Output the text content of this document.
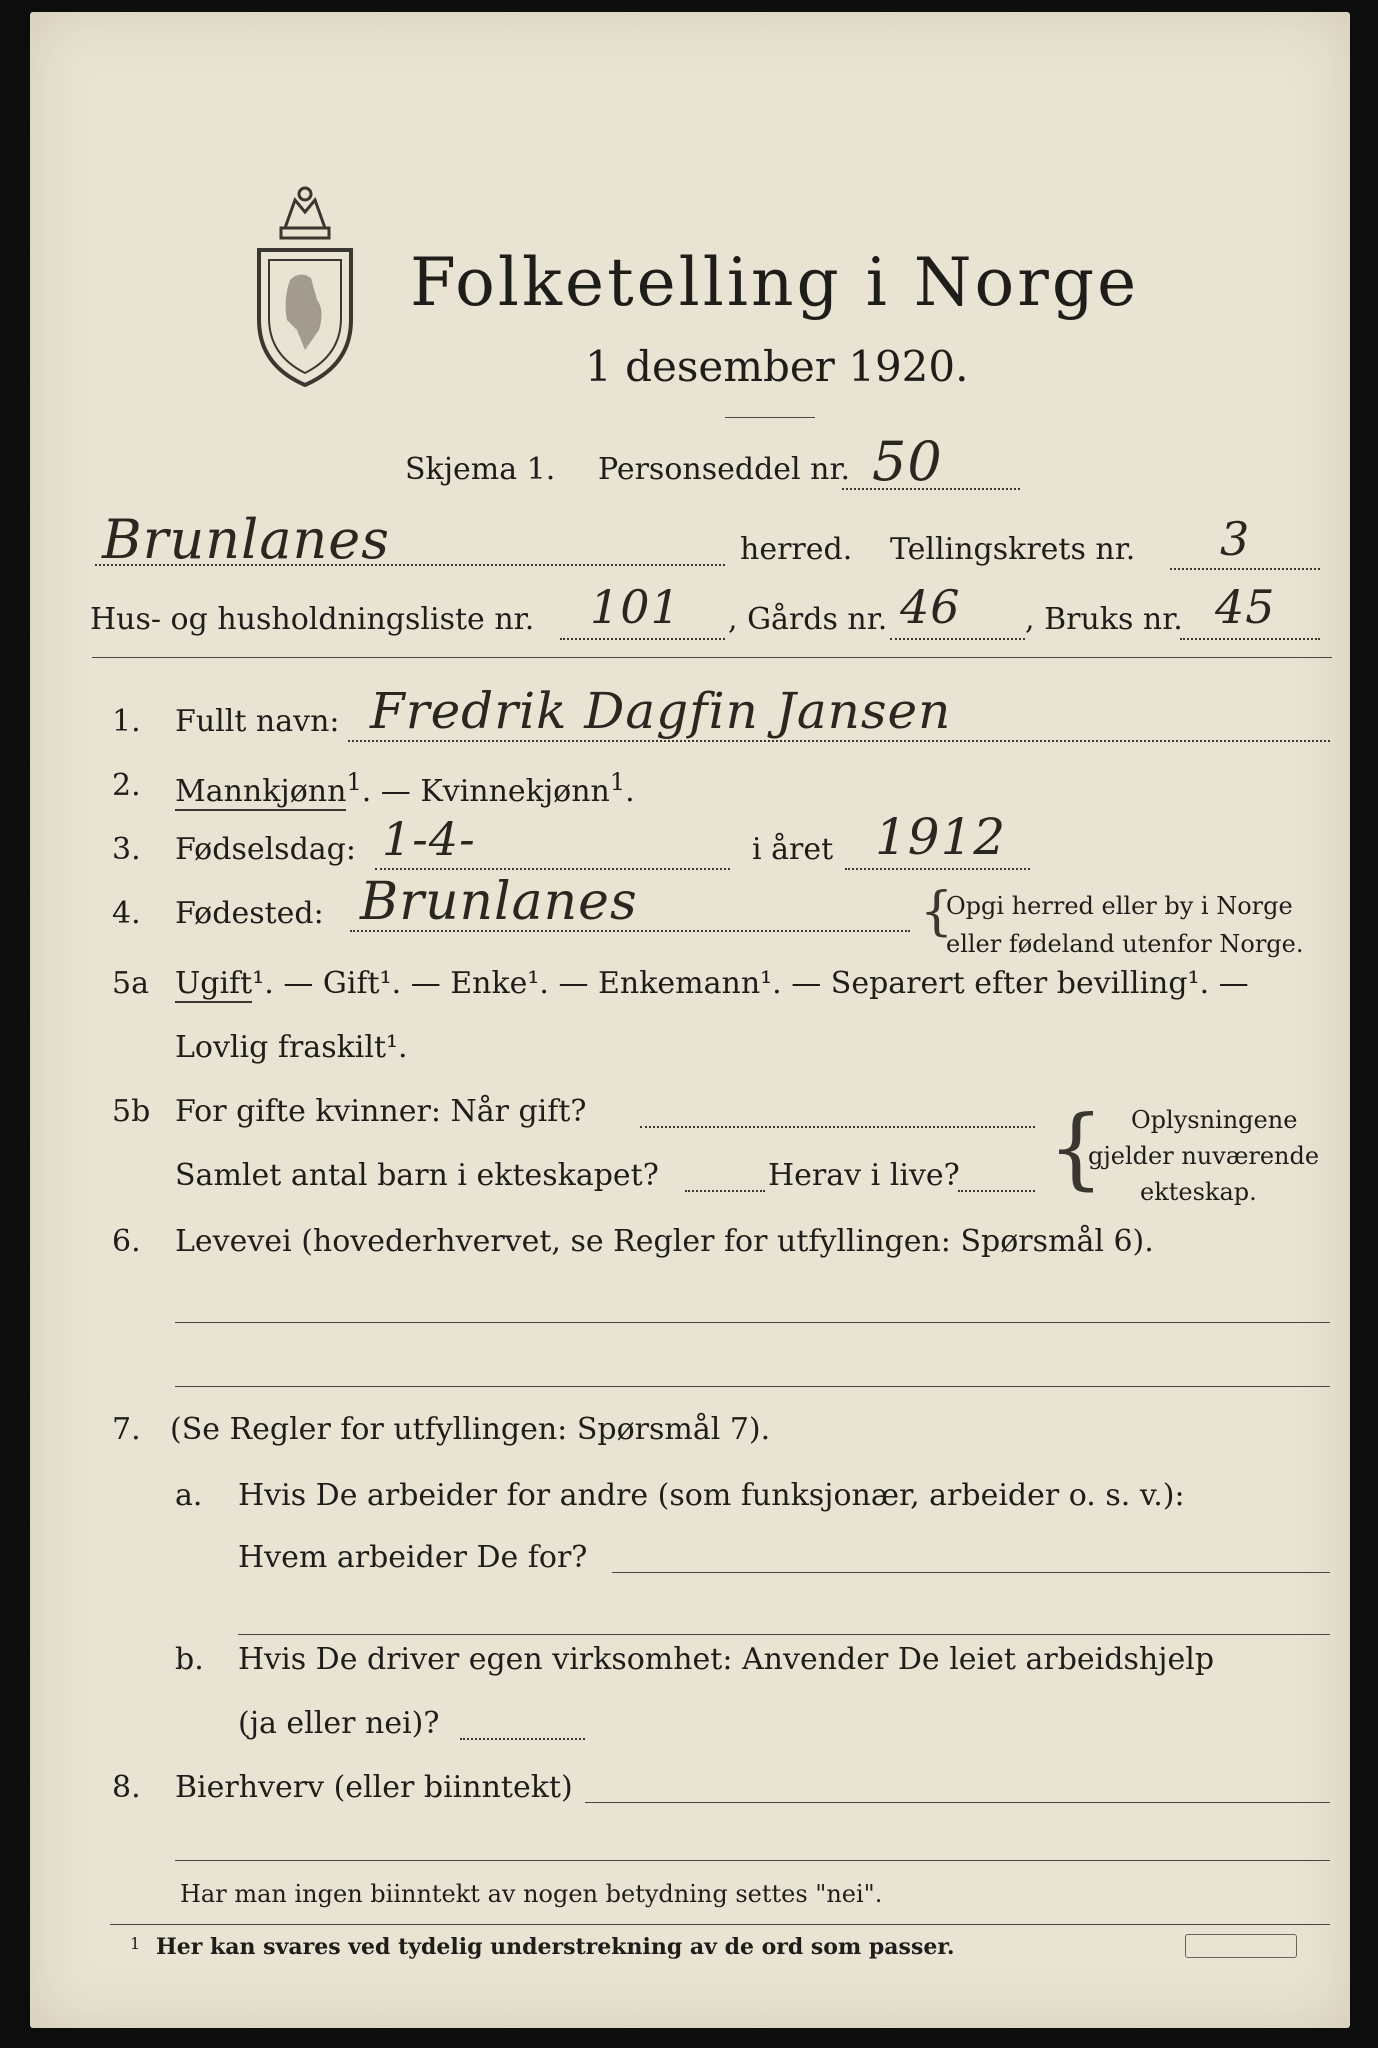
Folketelling i Norge
1 desember 1920.
Skjema 1. Personseddel nr. 50
Brunlanes	herred. Tellingskrets nr. 3
Hus- og husholdningsliste nr. 101 , Gårds nr. 46 , Bruks nr. 45
1. Fullt navn: Fredrik Dagfin Jansen
2. Mannkjønn$^1$. — Kvinnekjønn$^1$.
3. Fødselsdag: 1-4-	i året 1912
4. Fødested: Brunlanes	{
Opgi herred eller by i Norge
eller fødeland utenfor Norge.
5a Ugift¹. — Gift¹. — Enke¹. — Enkemann¹. — Separert efter bevilling¹. —
Lovlig fraskilt¹.
5b For gifte kvinner: Når gift?
Samlet antal barn i ekteskapet?	Herav i live? { Oplysningene
gjelder nuværende
ekteskap.
6. Levevei (hovederhvervet, se Regler for utfyllingen: Spørsmål 6).
7. (Se Regler for utfyllingen: Spørsmål 7).
a. Hvis De arbeider for andre (som funksjonær, arbeider o. s. v.):
Hvem arbeider De for?
b. Hvis De driver egen virksomhet: Anvender De leiet arbeidshjelp
(ja eller nei)?
8. Bierhverv (eller biinntekt)
Har man ingen biinntekt av nogen betydning settes "nei".
1 Her kan svares ved tydelig understrekning av de ord som passer.
